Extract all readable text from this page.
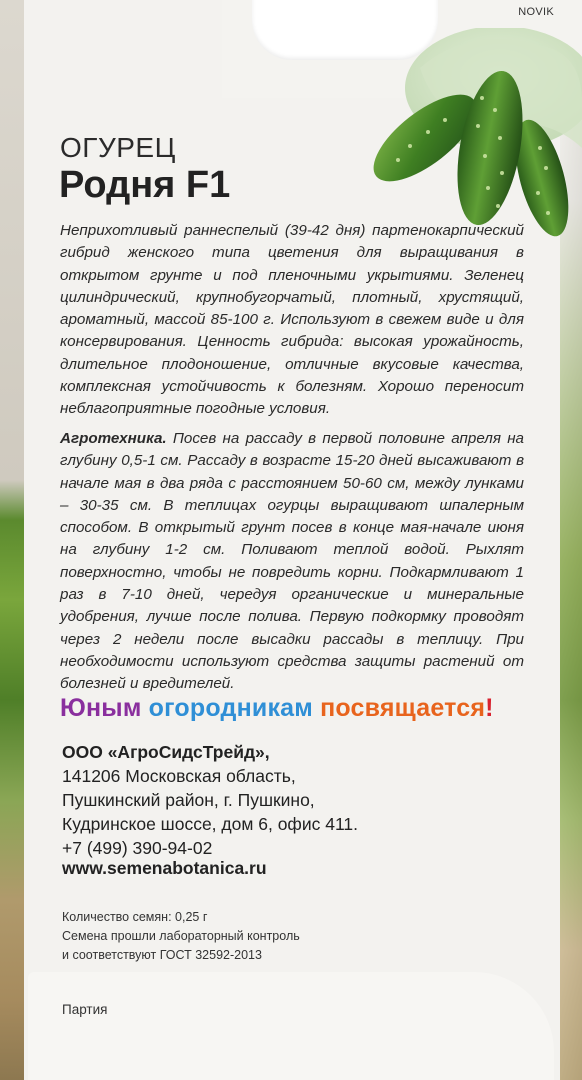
NOVIK
ОГУРЕЦ
Родня F1
Неприхотливый раннеспелый (39-42 дня) партенокарпический гибрид женского типа цветения для выращивания в открытом грунте и под пленочными укрытиями. Зеленец цилиндрический, крупнобугорчатый, плотный, хрустящий, ароматный, массой 85-100 г. Используют в свежем виде и для консервирования. Ценность гибрида: высокая урожайность, длительное плодоношение, отличные вкусовые качества, комплексная устойчивость к болезням. Хорошо переносит неблагоприятные погодные условия.
Агротехника. Посев на рассаду в первой половине апреля на глубину 0,5-1 см. Рассаду в возрасте 15-20 дней высаживают в начале мая в два ряда с расстоянием 50-60 см, между лунками – 30-35 см. В теплицах огурцы выращивают шпалерным способом. В открытый грунт посев в конце мая-начале июня на глубину 1-2 см. Поливают теплой водой. Рыхлят поверхностно, чтобы не повредить корни. Подкармливают 1 раз в 7-10 дней, чередуя органические и минеральные удобрения, лучше после полива. Первую подкормку проводят через 2 недели после высадки рассады в теплицу. При необходимости используют средства защиты растений от болезней и вредителей.
Юным огородникам посвящается!
ООО «АгроСидсТрейд»,
141206 Московская область,
Пушкинский район, г. Пушкино,
Кудринское шоссе, дом 6, офис 411.
+7 (499) 390-94-02
www.semenabotanica.ru
Количество семян: 0,25 г
Семена прошли лабораторный контроль
и соответствуют ГОСТ 32592-2013
Партия
